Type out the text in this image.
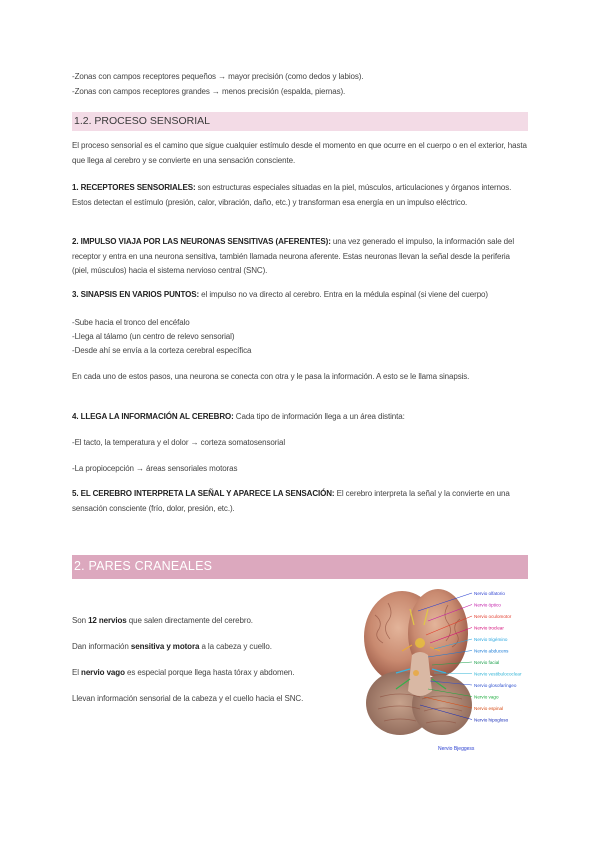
-Zonas con campos receptores pequeños → mayor precisión (como dedos y labios).
-Zonas con campos receptores grandes → menos precisión (espalda, piernas).
1.2. PROCESO SENSORIAL
El proceso sensorial es el camino que sigue cualquier estímulo desde el momento en que ocurre en el cuerpo o en el exterior, hasta que llega al cerebro y se convierte en una sensación consciente.
1. RECEPTORES SENSORIALES: son estructuras especiales situadas en la piel, músculos, articulaciones y órganos internos. Estos detectan el estímulo (presión, calor, vibración, daño, etc.) y transforman esa energía en un impulso eléctrico.
2. IMPULSO VIAJA POR LAS NEURONAS SENSITIVAS (AFERENTES): una vez generado el impulso, la información sale del receptor y entra en una neurona sensitiva, también llamada neurona aferente. Estas neuronas llevan la señal desde la periferia (piel, músculos) hacia el sistema nervioso central (SNC).
3. SINAPSIS EN VARIOS PUNTOS: el impulso no va directo al cerebro. Entra en la médula espinal (si viene del cuerpo)
-Sube hacia el tronco del encéfalo
-Llega al tálamo (un centro de relevo sensorial)
-Desde ahí se envía a la corteza cerebral específica
En cada uno de estos pasos, una neurona se conecta con otra y le pasa la información. A esto se le llama sinapsis.
4. LLEGA LA INFORMACIÓN AL CEREBRO: Cada tipo de información llega a un área distinta:
-El tacto, la temperatura y el dolor → corteza somatosensorial
-La propiocepción → áreas sensoriales motoras
5. EL CEREBRO INTERPRETA LA SEÑAL Y APARECE LA SENSACIÓN: El cerebro interpreta la señal y la convierte en una sensación consciente (frío, dolor, presión, etc.).
2. PARES CRANEALES
Son 12 nervios que salen directamente del cerebro.
Dan información sensitiva y motora a la cabeza y cuello.
El nervio vago es especial porque llega hasta tórax y abdomen.
Llevan información sensorial de la cabeza y el cuello hacia el SNC.
Nervio olfatorio
Nervio óptico
Nervio oculomotor
Nervio troclear
Nervio trigémino
Nervio abducens
Nervio facial
Nervio vestibulococlear
Nervio glosofaríngeo
Nervio vago
Nervio espinal
Nervio hipogloso
Nervio Bjeggess
